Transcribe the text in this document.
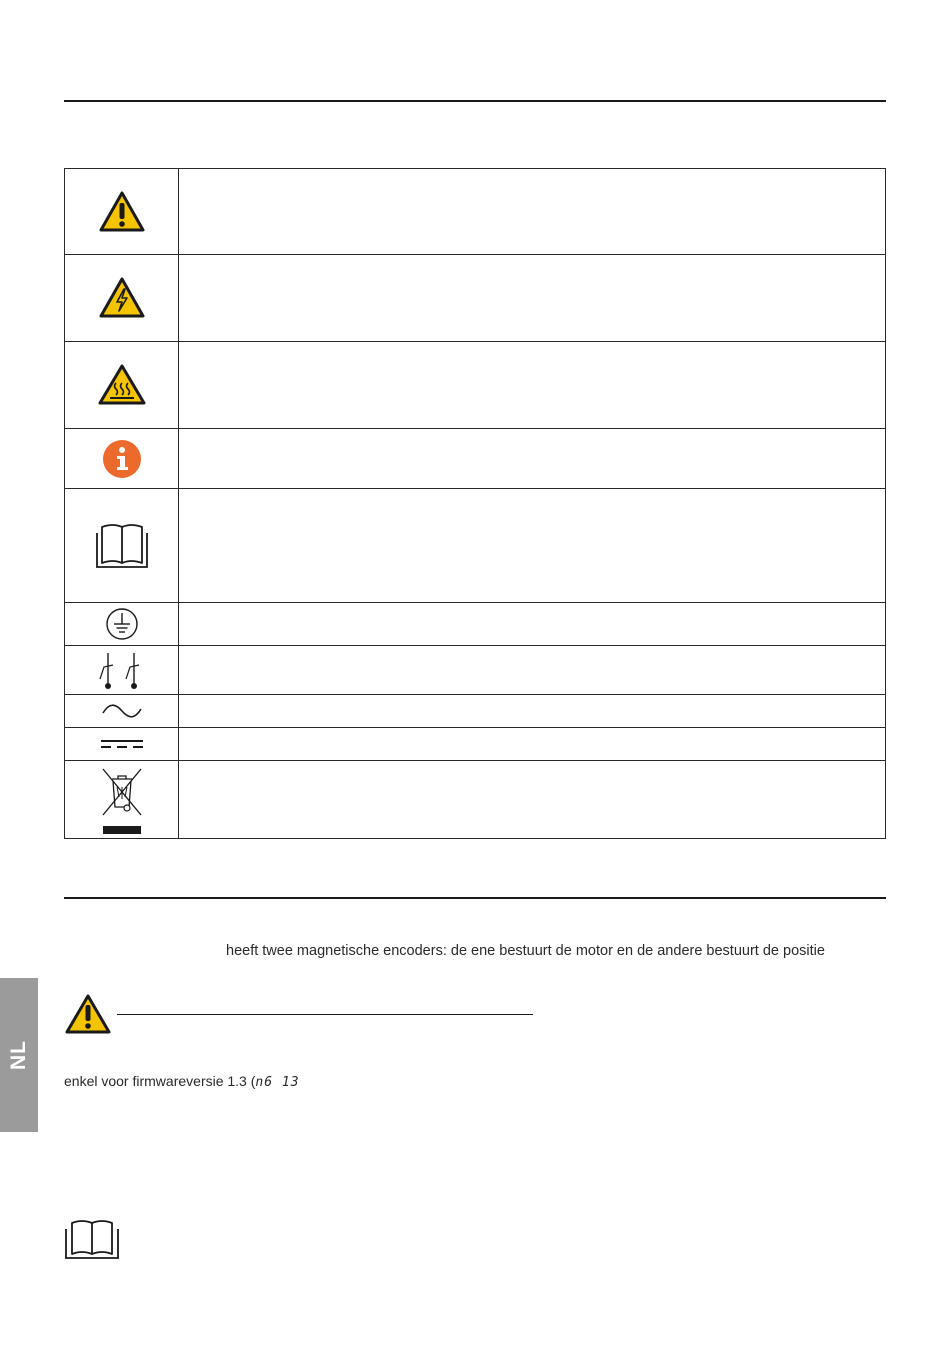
heeft twee magnetische encoders: de ene bestuurt de motor en de andere bestuurt de positie
NL
enkel voor firmwareversie 1.3 (n6 13
